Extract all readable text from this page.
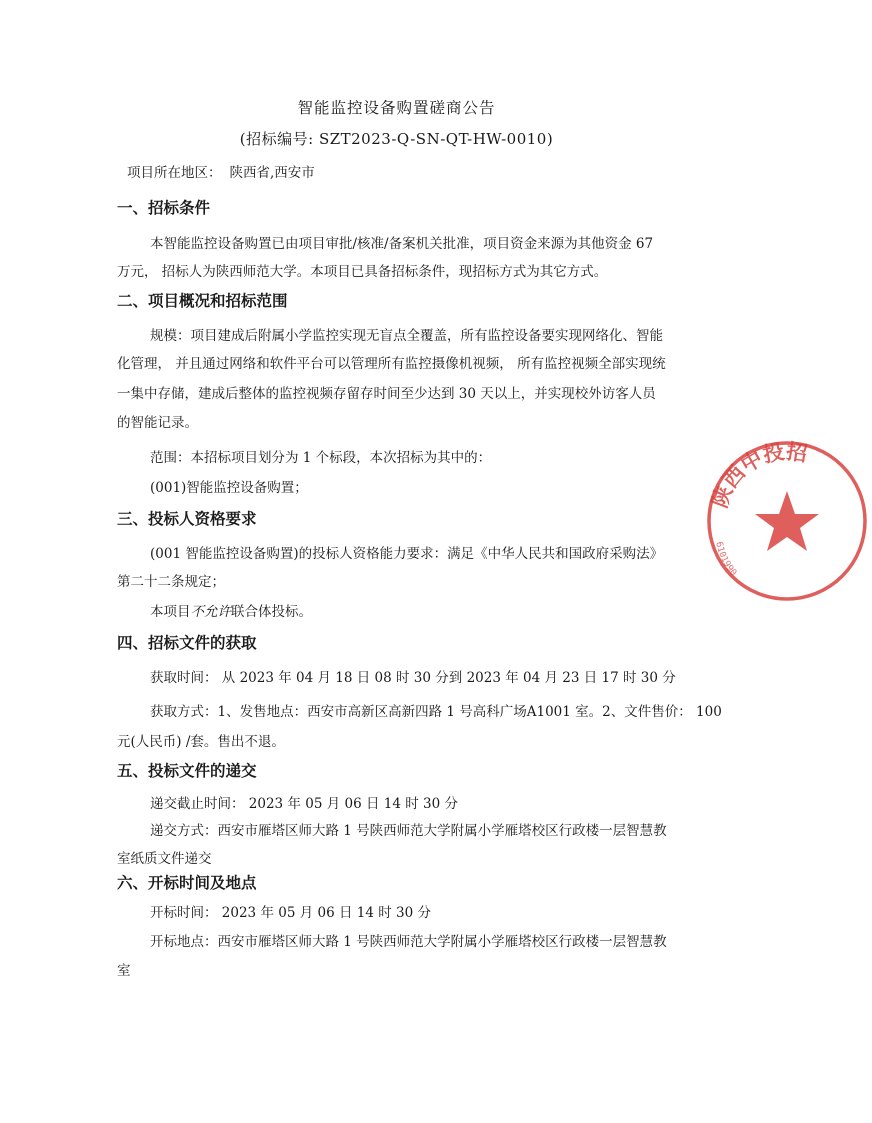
智能监控设备购置磋商公告
(招标编号: SZT2023-Q-SN-QT-HW-0010)
项目所在地区： 陕西省,西安市
一、招标条件
本智能监控设备购置已由项目审批/核准/备案机关批准，项目资金来源为其他资金 67
万元， 招标人为陕西师范大学。本项目已具备招标条件，现招标方式为其它方式。
二、项目概况和招标范围
规模：项目建成后附属小学监控实现无盲点全覆盖，所有监控设备要实现网络化、智能
化管理， 并且通过网络和软件平台可以管理所有监控摄像机视频， 所有监控视频全部实现统
一集中存储，建成后整体的监控视频存留存时间至少达到 30 天以上，并实现校外访客人员
的智能记录。
范围：本招标项目划分为 1 个标段，本次招标为其中的：
(001)智能监控设备购置；
三、投标人资格要求
(001 智能监控设备购置)的投标人资格能力要求：满足《中华人民共和国政府采购法》
第二十二条规定；
本项目不允许联合体投标。
四、招标文件的获取
获取时间： 从 2023 年 04 月 18 日 08 时 30 分到 2023 年 04 月 23 日 17 时 30 分
获取方式：1、发售地点：西安市高新区高新四路 1 号高科广场A1001 室。2、文件售价： 100
元(人民币) /套。售出不退。
五、投标文件的递交
递交截止时间： 2023 年 05 月 06 日 14 时 30 分
递交方式：西安市雁塔区师大路 1 号陕西师范大学附属小学雁塔校区行政楼一层智慧教
室纸质文件递交
六、开标时间及地点
开标时间： 2023 年 05 月 06 日 14 时 30 分
开标地点：西安市雁塔区师大路 1 号陕西师范大学附属小学雁塔校区行政楼一层智慧教
室
陕西中投招
6101990
